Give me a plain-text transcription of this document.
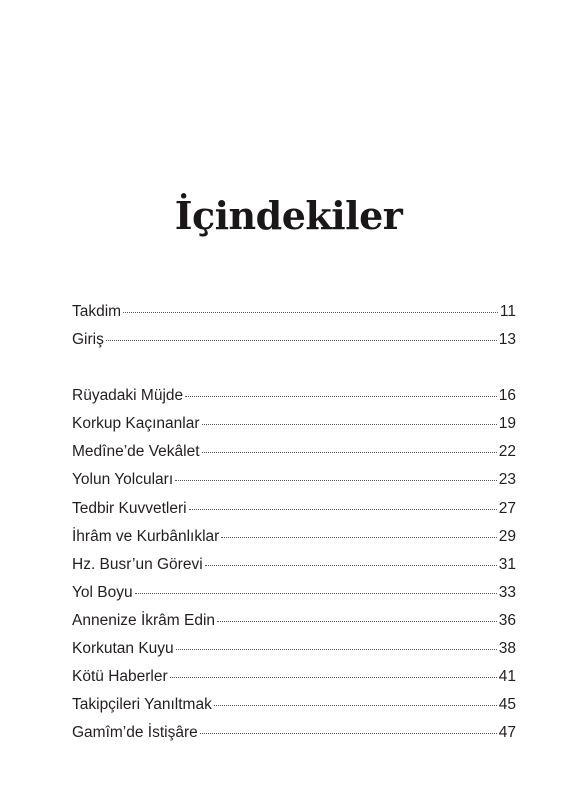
İçindekiler
Takdim	11
Giriş	13
Rüyadaki Müjde	16
Korkup Kaçınanlar	19
Medîne’de Vekâlet	22
Yolun Yolcuları	23
Tedbir Kuvvetleri	27
İhrâm ve Kurbânlıklar	29
Hz. Busr’un Görevi	31
Yol Boyu	33
Annenize İkrâm Edin	36
Korkutan Kuyu	38
Kötü Haberler	41
Takipçileri Yanıltmak	45
Gamîm’de İstişâre	47
